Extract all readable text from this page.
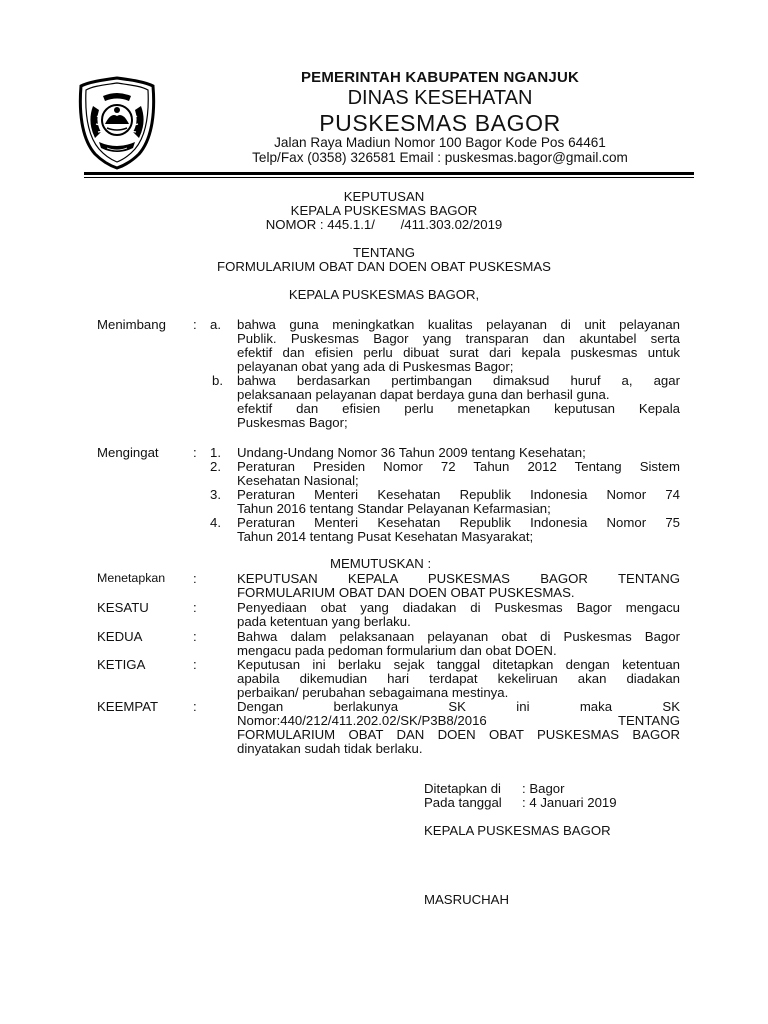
PEMERINTAH KABUPATEN NGANJUK
DINAS KESEHATAN
PUSKESMAS BAGOR
Jalan Raya Madiun Nomor 100 Bagor Kode Pos 64461
Telp/Fax (0358) 326581 Email : puskesmas.bagor@gmail.com
KEPUTUSAN
KEPALA PUSKESMAS BAGOR
NOMOR : 445.1.1/       /411.303.02/2019
TENTANG
FORMULARIUM OBAT DAN DOEN OBAT PUSKESMAS
KEPALA PUSKESMAS BAGOR,
Menimbang : a. bahwa guna meningkatkan kualitas pelayanan di unit pelayanan
Publik. Puskesmas Bagor yang transparan dan akuntabel serta
efektif dan efisien perlu dibuat surat dari kepala puskesmas untuk
pelayanan obat yang ada di Puskesmas Bagor;
b. bahwa berdasarkan pertimbangan dimaksud huruf a, agar
pelaksanaan pelayanan dapat berdaya guna dan berhasil guna.
efektif dan efisien perlu menetapkan keputusan Kepala
Puskesmas Bagor;
Mengingat	: 1. Undang-Undang Nomor 36 Tahun 2009 tentang Kesehatan;
2. Peraturan Presiden Nomor 72 Tahun 2012 Tentang Sistem
Kesehatan Nasional;
3. Peraturan Menteri Kesehatan Republik Indonesia Nomor 74
Tahun 2016 tentang Standar Pelayanan Kefarmasian;
4. Peraturan Menteri Kesehatan Republik Indonesia Nomor 75
Tahun 2014 tentang Pusat Kesehatan Masyarakat;
MEMUTUSKAN :
Menetapkan :	KEPUTUSAN KEPALA PUSKESMAS BAGOR TENTANG
FORMULARIUM OBAT DAN DOEN OBAT PUSKESMAS.
KESATU	:	Penyediaan obat yang diadakan di Puskesmas Bagor mengacu
pada ketentuan yang berlaku.
KEDUA	:	Bahwa dalam pelaksanaan pelayanan obat di Puskesmas Bagor
mengacu pada pedoman formularium dan obat DOEN.
KETIGA	:	Keputusan ini berlaku sejak tanggal ditetapkan dengan ketentuan
apabila dikemudian hari terdapat kekeliruan akan diadakan
perbaikan/ perubahan sebagaimana mestinya.
KEEMPAT	:	Dengan berlakunya SK ini maka SK
Nomor:440/212/411.202.02/SK/P3B8/2016 TENTANG
FORMULARIUM OBAT DAN DOEN OBAT PUSKESMAS BAGOR
dinyatakan sudah tidak berlaku.
Ditetapkan di : Bagor
Pada tanggal : 4 Januari 2019
KEPALA PUSKESMAS BAGOR
MASRUCHAH
